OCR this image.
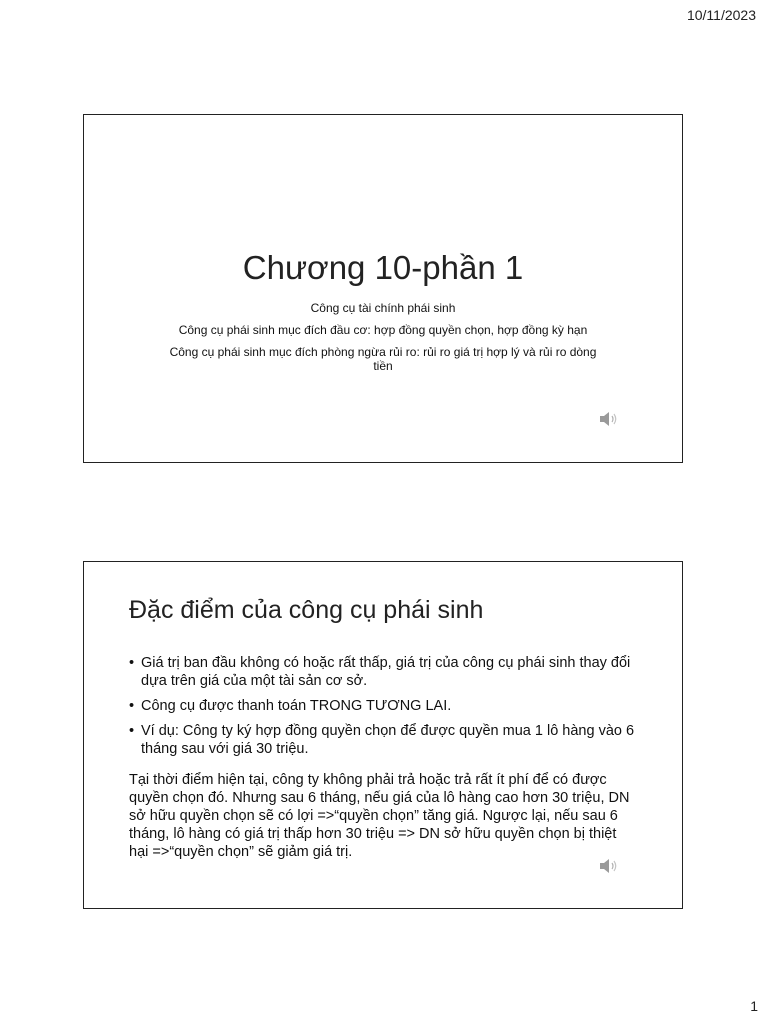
10/11/2023
Chương 10-phần 1
Công cụ tài chính phái sinh
Công cụ phái sinh mục đích đầu cơ: hợp đồng quyền chọn, hợp đồng kỳ hạn
Công cụ phái sinh mục đích phòng ngừa rủi ro: rủi ro giá trị hợp lý và rủi ro dòng tiền
Đặc điểm của công cụ phái sinh
• Giá trị ban đầu không có hoặc rất thấp, giá trị của công cụ phái sinh thay đổi dựa trên giá của một tài sản cơ sở.
• Công cụ được thanh toán TRONG TƯƠNG LAI.
• Ví dụ: Công ty ký hợp đồng quyền chọn để được quyền mua 1 lô hàng vào 6 tháng sau với giá 30 triệu.

Tại thời điểm hiện tại, công ty không phải trả hoặc trả rất ít phí để có được quyền chọn đó. Nhưng sau 6 tháng, nếu giá của lô hàng cao hơn 30 triệu, DN sở hữu quyền chọn sẽ có lợi =>“quyền chọn” tăng giá. Ngược lại, nếu sau 6 tháng, lô hàng có giá trị thấp hơn 30 triệu => DN sở hữu quyền chọn bị thiệt hại =>“quyền chọn” sẽ giảm giá trị.

1
